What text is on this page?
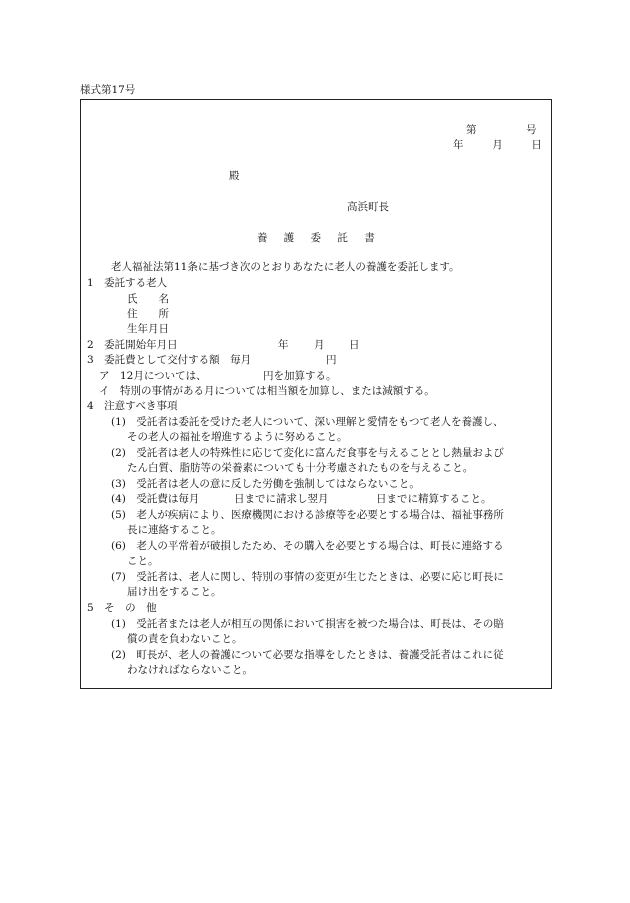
様式第17号
第	号
年	月	日
殿
高浜町長
養 護 委 託 書
老人福祉法第11条に基づき次のとおりあなたに老人の養護を委託します。
1　委託する老人
氏　　名
住　　所
生年月日
2　委託開始年月日	年 月 日
3　委託費として交付する額　毎月	円
ア　12月については、	円を加算する。
イ　特別の事情がある月については相当額を加算し、または減額する。
4　注意すべき事項
(1)　受託者は委託を受けた老人について、深い理解と愛情をもつて老人を養護し、
その老人の福祉を増進するように努めること。
(2)　受託者は老人の特殊性に応じて変化に富んだ食事を与えることとし熱量および
たん白質、脂肪等の栄養素についても十分考慮されたものを与えること。
(3)　受託者は老人の意に反した労働を強制してはならないこと。
(4)　受託費は毎月	日までに請求し翌月	日までに精算すること。
(5)　老人が疾病により、医療機関における診療等を必要とする場合は、福祉事務所
長に連絡すること。
(6)　老人の平常着が破損したため、その購入を必要とする場合は、町長に連絡する
こと。
(7)　受託者は、老人に関し、特別の事情の変更が生じたときは、必要に応じ町長に
届け出をすること。
5　そ　の　他
(1)　受託者または老人が相互の関係において損害を被つた場合は、町長は、その賠
償の責を負わないこと。
(2)　町長が、老人の養護について必要な指導をしたときは、養護受託者はこれに従
わなければならないこと。
